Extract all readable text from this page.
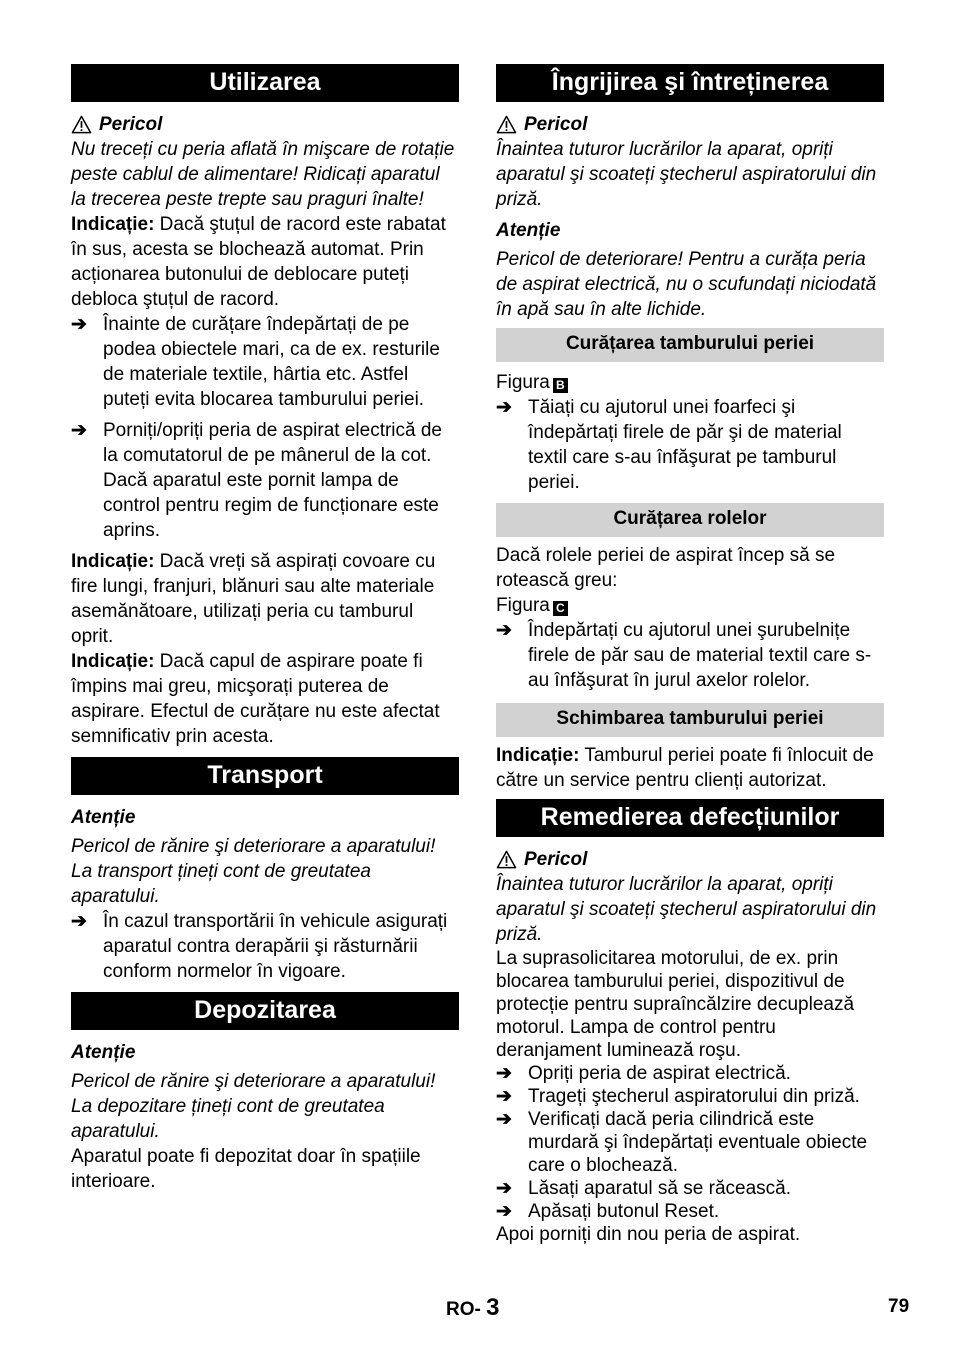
Utilizarea
Pericol
Nu treceți cu peria aflată în mişcare de rotație peste cablul de alimentare! Ridicați aparatul la trecerea peste trepte sau praguri înalte!
Indicație: Dacă ştuțul de racord este rabatat în sus, acesta se blochează automat. Prin acționarea butonului de deblocare puteți debloca ştuțul de racord.
➔ Înainte de curățare îndepărtați de pe podea obiectele mari, ca de ex. resturile de materiale textile, hârtia etc. Astfel puteți evita blocarea tamburului periei.
➔ Porniți/opriți peria de aspirat electrică de la comutatorul de pe mânerul de la cot. Dacă aparatul este pornit lampa de control pentru regim de funcționare este aprins.
Indicație: Dacă vreți să aspirați covoare cu fire lungi, franjuri, blănuri sau alte materiale asemănătoare, utilizați peria cu tamburul oprit.
Indicație: Dacă capul de aspirare poate fi împins mai greu, micşorați puterea de aspirare. Efectul de curățare nu este afectat semnificativ prin acesta.
Transport
Atenție
Pericol de rănire şi deteriorare a aparatului! La transport țineți cont de greutatea aparatului.
➔ În cazul transportării în vehicule asigurați aparatul contra derapării şi răsturnării conform normelor în vigoare.
Depozitarea
Atenție
Pericol de rănire şi deteriorare a aparatului! La depozitare țineți cont de greutatea aparatului.
Aparatul poate fi depozitat doar în spațiile interioare.
Îngrijirea şi întreținerea
Pericol
Înaintea tuturor lucrărilor la aparat, opriți aparatul şi scoateți ştecherul aspiratorului din priză.
Atenție
Pericol de deteriorare! Pentru a curăța peria de aspirat electrică, nu o scufundați niciodată în apă sau în alte lichide.
Curățarea tamburului periei
Figura B
➔ Tăiați cu ajutorul unei foarfeci şi îndepărtați firele de păr şi de material textil care s-au înfăşurat pe tamburul periei.
Curățarea rolelor
Dacă rolele periei de aspirat încep să se rotească greu:
Figura C
➔ Îndepărtați cu ajutorul unei şurubelnițe firele de păr sau de material textil care s-au înfăşurat în jurul axelor rolelor.
Schimbarea tamburului periei
Indicație: Tamburul periei poate fi înlocuit de către un service pentru clienți autorizat.
Remedierea defecțiunilor
Pericol
Înaintea tuturor lucrărilor la aparat, opriți aparatul şi scoateți ştecherul aspiratorului din priză.
La suprasolicitarea motorului, de ex. prin blocarea tamburului periei, dispozitivul de protecție pentru supraîncălzire decuplează motorul. Lampa de control pentru deranjament luminează roşu.
➔ Opriți peria de aspirat electrică.
➔ Trageți ştecherul aspiratorului din priză.
➔ Verificați dacă peria cilindrică este murdară şi îndepărtați eventuale obiecte care o blochează.
➔ Lăsați aparatul să se răcească.
➔ Apăsați butonul Reset.
Apoi porniți din nou peria de aspirat.
RO- 3	79
